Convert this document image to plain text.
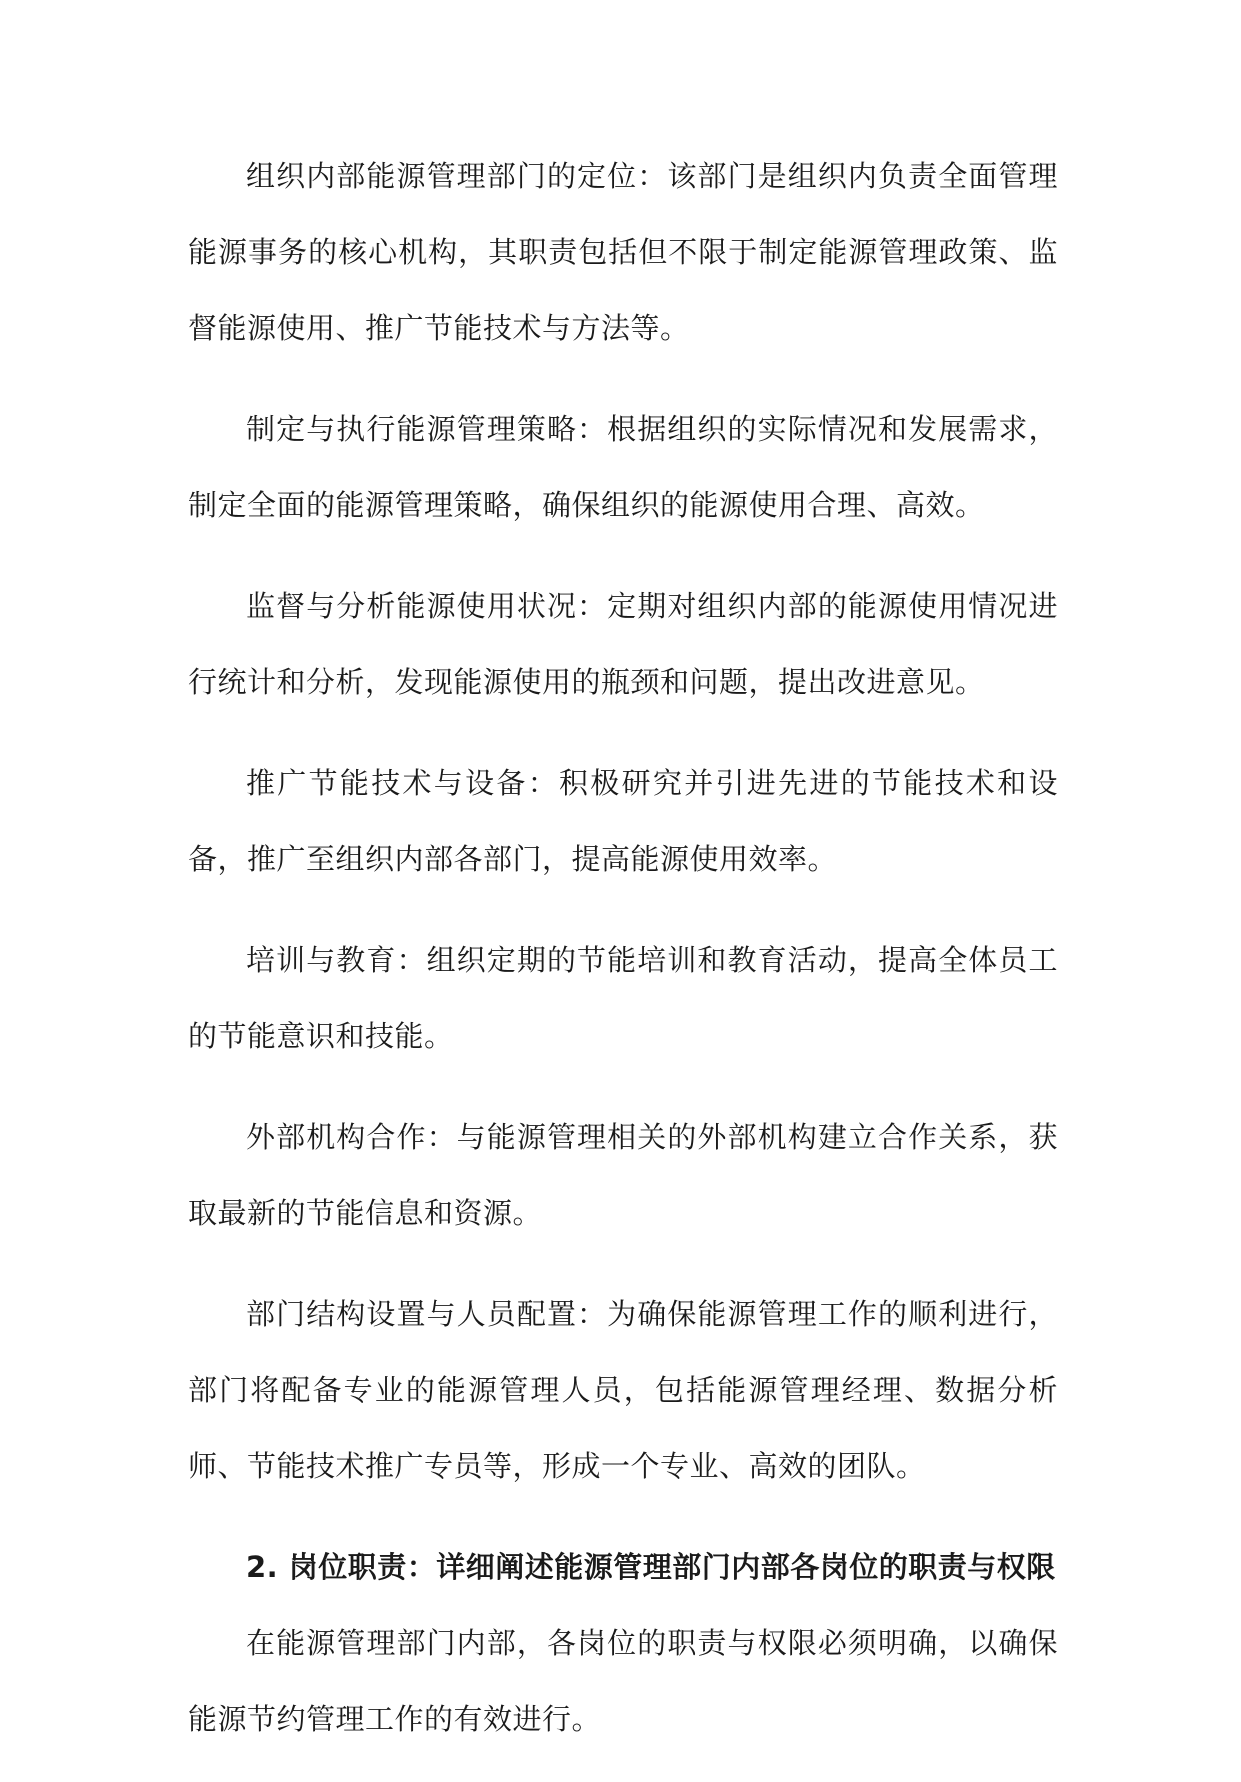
组织内部能源管理部门的定位：该部门是组织内负责全面管理能源事务的核心机构，其职责包括但不限于制定能源管理政策、监督能源使用、推广节能技术与方法等。

制定与执行能源管理策略：根据组织的实际情况和发展需求，制定全面的能源管理策略，确保组织的能源使用合理、高效。

监督与分析能源使用状况：定期对组织内部的能源使用情况进行统计和分析，发现能源使用的瓶颈和问题，提出改进意见。

推广节能技术与设备：积极研究并引进先进的节能技术和设备，推广至组织内部各部门，提高能源使用效率。

培训与教育：组织定期的节能培训和教育活动，提高全体员工的节能意识和技能。

外部机构合作：与能源管理相关的外部机构建立合作关系，获取最新的节能信息和资源。

部门结构设置与人员配置：为确保能源管理工作的顺利进行，部门将配备专业的能源管理人员，包括能源管理经理、数据分析师、节能技术推广专员等，形成一个专业、高效的团队。

2. 岗位职责：详细阐述能源管理部门内部各岗位的职责与权限

在能源管理部门内部，各岗位的职责与权限必须明确，以确保能源节约管理工作的有效进行。
